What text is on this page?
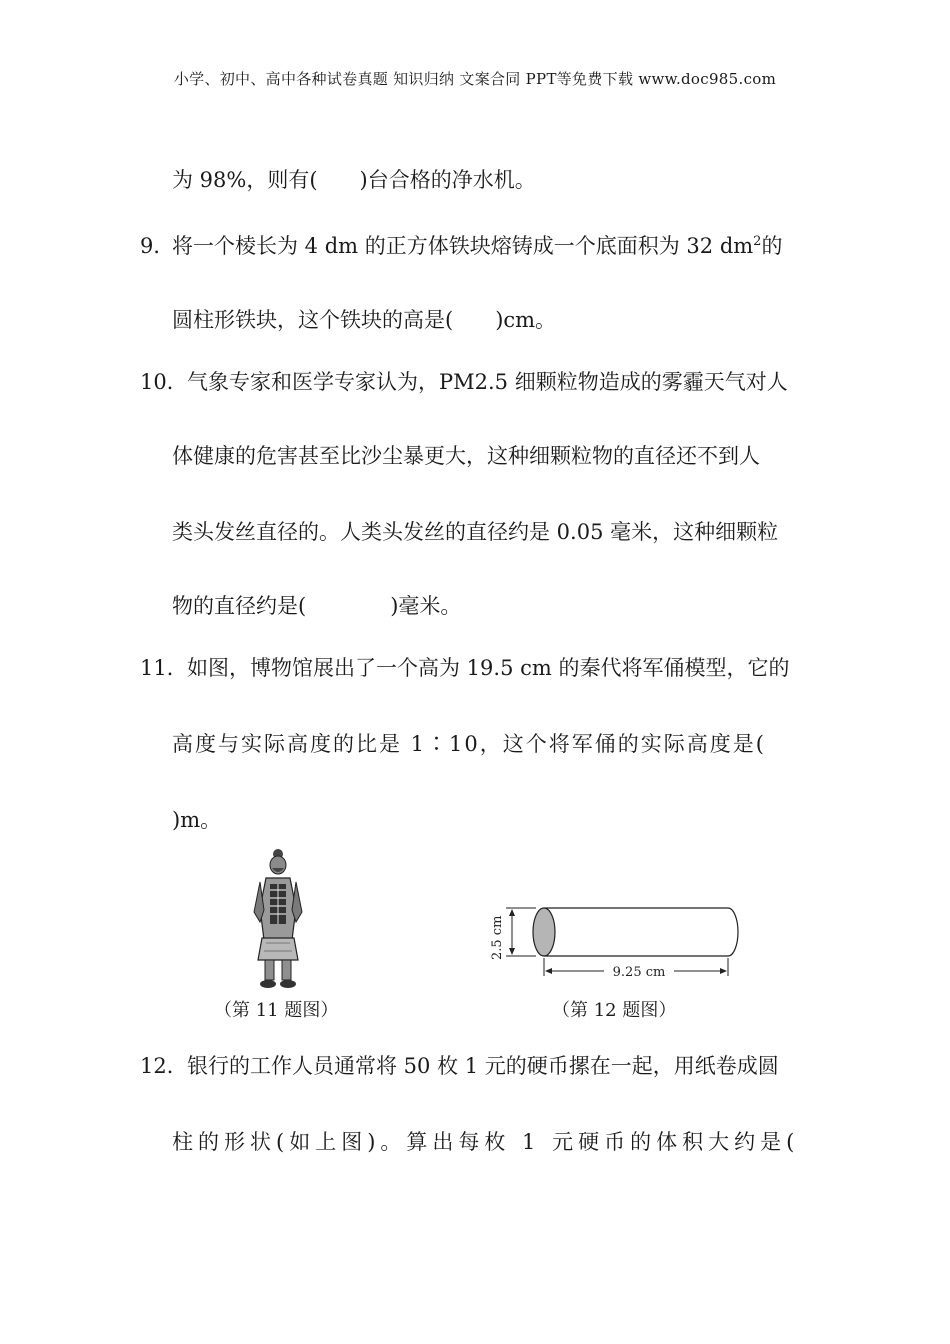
小学、初中、高中各种试卷真题 知识归纳 文案合同 PPT等免费下载 www.doc985.com
为 98%，则有(　　)台合格的净水机。
9．
将一个棱长为 4 dm 的正方体铁块熔铸成一个底面积为 32 $dm^2$的
圆柱形铁块，这个铁块的高是(　　)cm。
10． 气象专家和医学专家认为，PM2.5 细颗粒物造成的雾霾天气对人
体健康的危害甚至比沙尘暴更大，这种细颗粒物的直径还不到人
类头发丝直径的。人类头发丝的直径约是 0.05 毫米，这种细颗粒
物的直径约是(　　　　)毫米。
11． 如图，博物馆展出了一个高为 19.5 cm 的秦代将军俑模型，它的
高度与实际高度的比是 1∶10，这个将军俑的实际高度是(
)m。
（第 11 题图）
2.5 cm
9.25 cm
（第 12 题图）
12． 银行的工作人员通常将 50 枚 1 元的硬币摞在一起，用纸卷成圆
柱的形状(如上图)。算出每枚 1 元硬币的体积大约是(
